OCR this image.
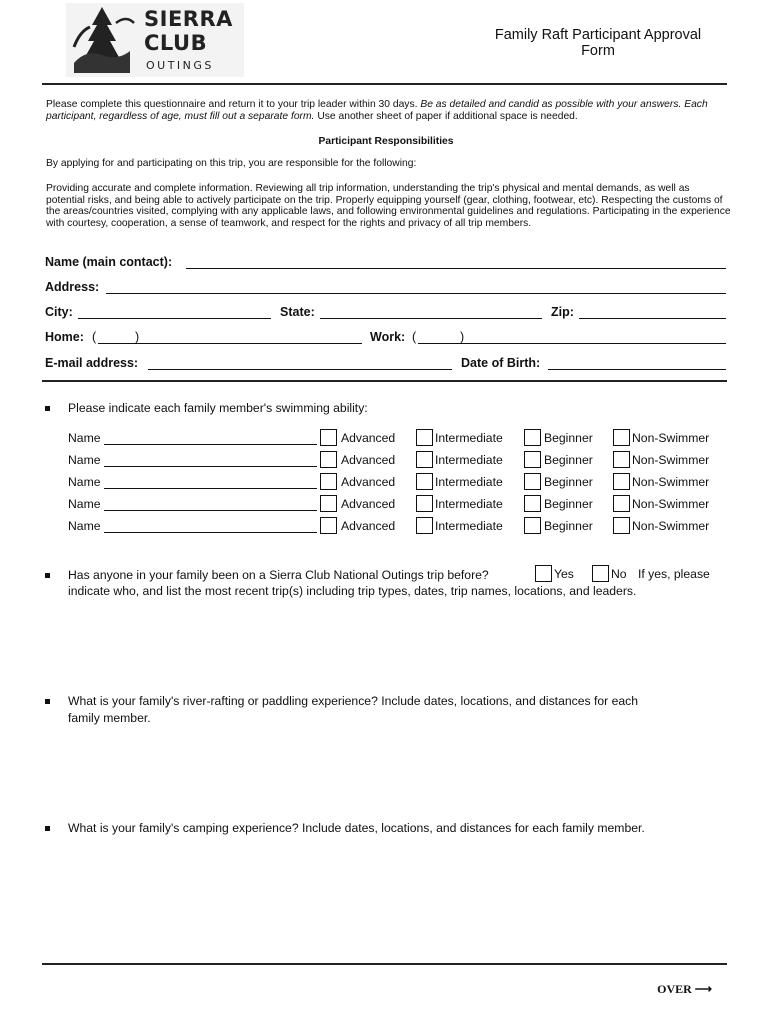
SIERRA
CLUB
OUTINGS
Family Raft Participant Approval Form
Please complete this questionnaire and return it to your trip leader within 30 days. Be as detailed and candid as possible with your answers. Each participant, regardless of age, must fill out a separate form. Use another sheet of paper if additional space is needed.
Participant Responsibilities
By applying for and participating on this trip, you are responsible for the following:
Providing accurate and complete information. Reviewing all trip information, understanding the trip's physical and mental demands, as well as potential risks, and being able to actively participate on the trip. Properly equipping yourself (gear, clothing, footwear, etc). Respecting the customs of the areas/countries visited, complying with any applicable laws, and following environmental guidelines and regulations. Participating in the experience with courtesy, cooperation, a sense of teamwork, and respect for the rights and privacy of all trip members.
Name (main contact):
Address:
City:	State:	Zip:
Home: (	)	Work: (	)
E-mail address:	Date of Birth:
Please indicate each family member's swimming ability:
Name	Advanced	Intermediate	Beginner	Non-Swimmer
Name	Advanced	Intermediate	Beginner	Non-Swimmer
Name	Advanced	Intermediate	Beginner	Non-Swimmer
Name	Advanced	Intermediate	Beginner	Non-Swimmer
Name	Advanced	Intermediate	Beginner	Non-Swimmer
Has anyone in your family been on a Sierra Club National Outings trip before?	Yes	No If yes, please
indicate who, and list the most recent trip(s) including trip types, dates, trip names, locations, and leaders.
What is your family's river-rafting or paddling experience? Include dates, locations, and distances for each
family member.
What is your family's camping experience? Include dates, locations, and distances for each family member.
OVER ⟶
